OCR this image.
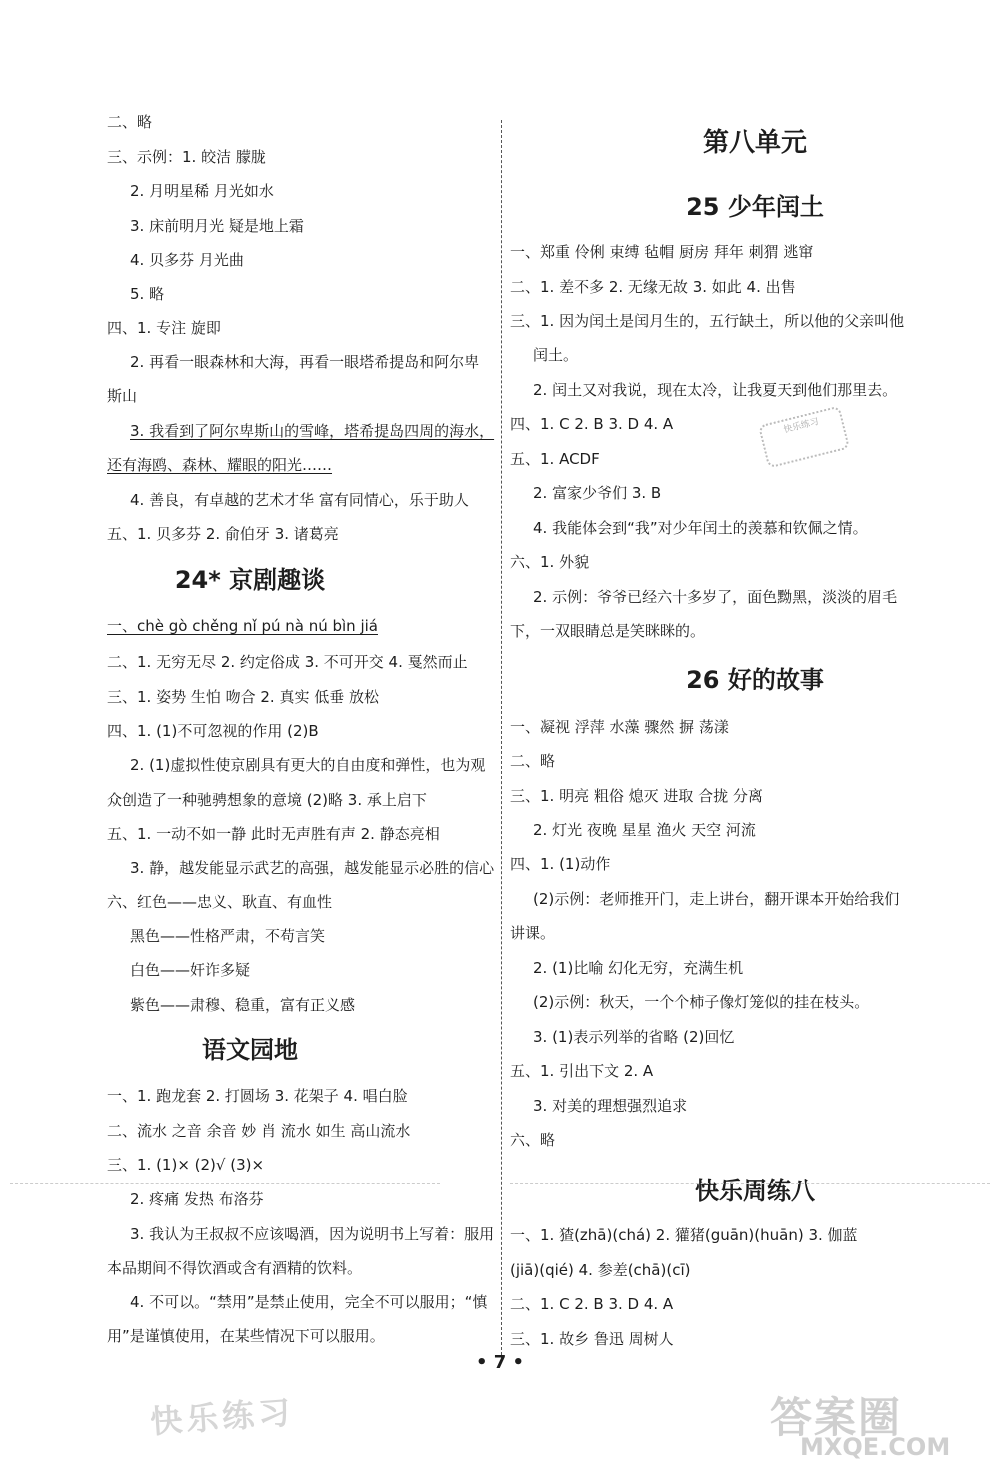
二、略
三、示例：1. 皎洁 朦胧
2. 月明星稀 月光如水
3. 床前明月光 疑是地上霜
4. 贝多芬 月光曲
5. 略
四、1. 专注 旋即
2. 再看一眼森林和大海，再看一眼塔希提岛和阿尔卑
斯山
3. 我看到了阿尔卑斯山的雪峰，塔希提岛四周的海水，
还有海鸥、森林、耀眼的阳光……
4. 善良，有卓越的艺术才华 富有同情心，乐于助人
五、1. 贝多芬 2. 俞伯牙 3. 诸葛亮
24* 京剧趣谈
一、chè gò chěng nǐ pú nà nú bìn jiá
二、1. 无穷无尽 2. 约定俗成 3. 不可开交 4. 戛然而止
三、1. 姿势 生怕 吻合 2. 真实 低垂 放松
四、1. (1)不可忽视的作用 (2)B
2. (1)虚拟性使京剧具有更大的自由度和弹性，也为观
众创造了一种驰骋想象的意境 (2)略 3. 承上启下
五、1. 一动不如一静 此时无声胜有声 2. 静态亮相
3. 静，越发能显示武艺的高强，越发能显示必胜的信心
六、红色——忠义、耿直、有血性
黑色——性格严肃，不苟言笑
白色——奸诈多疑
紫色——肃穆、稳重，富有正义感
语文园地
一、1. 跑龙套 2. 打圆场 3. 花架子 4. 唱白脸
二、流水 之音 余音 妙 肖 流水 如生 高山流水
三、1. (1)× (2)√ (3)×
2. 疼痛 发热 布洛芬
3. 我认为王叔叔不应该喝酒，因为说明书上写着：服用
本品期间不得饮酒或含有酒精的饮料。
4. 不可以。“禁用”是禁止使用，完全不可以服用；“慎
用”是谨慎使用，在某些情况下可以服用。
第八单元
25 少年闰土
一、郑重 伶俐 束缚 毡帽 厨房 拜年 刺猬 逃窜
二、1. 差不多 2. 无缘无故 3. 如此 4. 出售
三、1. 因为闰土是闰月生的，五行缺土，所以他的父亲叫他
闰土。
2. 闰土又对我说，现在太冷，让我夏天到他们那里去。
四、1. C 2. B 3. D 4. A
五、1. ACDF
2. 富家少爷们 3. B
4. 我能体会到“我”对少年闰土的羡慕和钦佩之情。
六、1. 外貌
2. 示例：爷爷已经六十多岁了，面色黝黑，淡淡的眉毛
下，一双眼睛总是笑眯眯的。
26 好的故事
一、凝视 浮萍 水藻 骤然 摒 荡漾
二、略
三、1. 明亮 粗俗 熄灭 进取 合拢 分离
2. 灯光 夜晚 星星 渔火 天空 河流
四、1. (1)动作
(2)示例：老师推开门，走上讲台，翻开课本开始给我们
讲课。
2. (1)比喻 幻化无穷，充满生机
(2)示例：秋天，一个个柿子像灯笼似的挂在枝头。
3. (1)表示列举的省略 (2)回忆
五、1. 引出下文 2. A
3. 对美的理想强烈追求
六、略
快乐周练八
一、1. 猹(zhā)(chá) 2. 獾猪(guān)(huān) 3. 伽蓝
(jiā)(qié) 4. 参差(chā)(cī)
二、1. C 2. B 3. D 4. A
三、1. 故乡 鲁迅 周树人
快乐练习
• 7 •
快乐练习	答案圈
MXQE.COM
